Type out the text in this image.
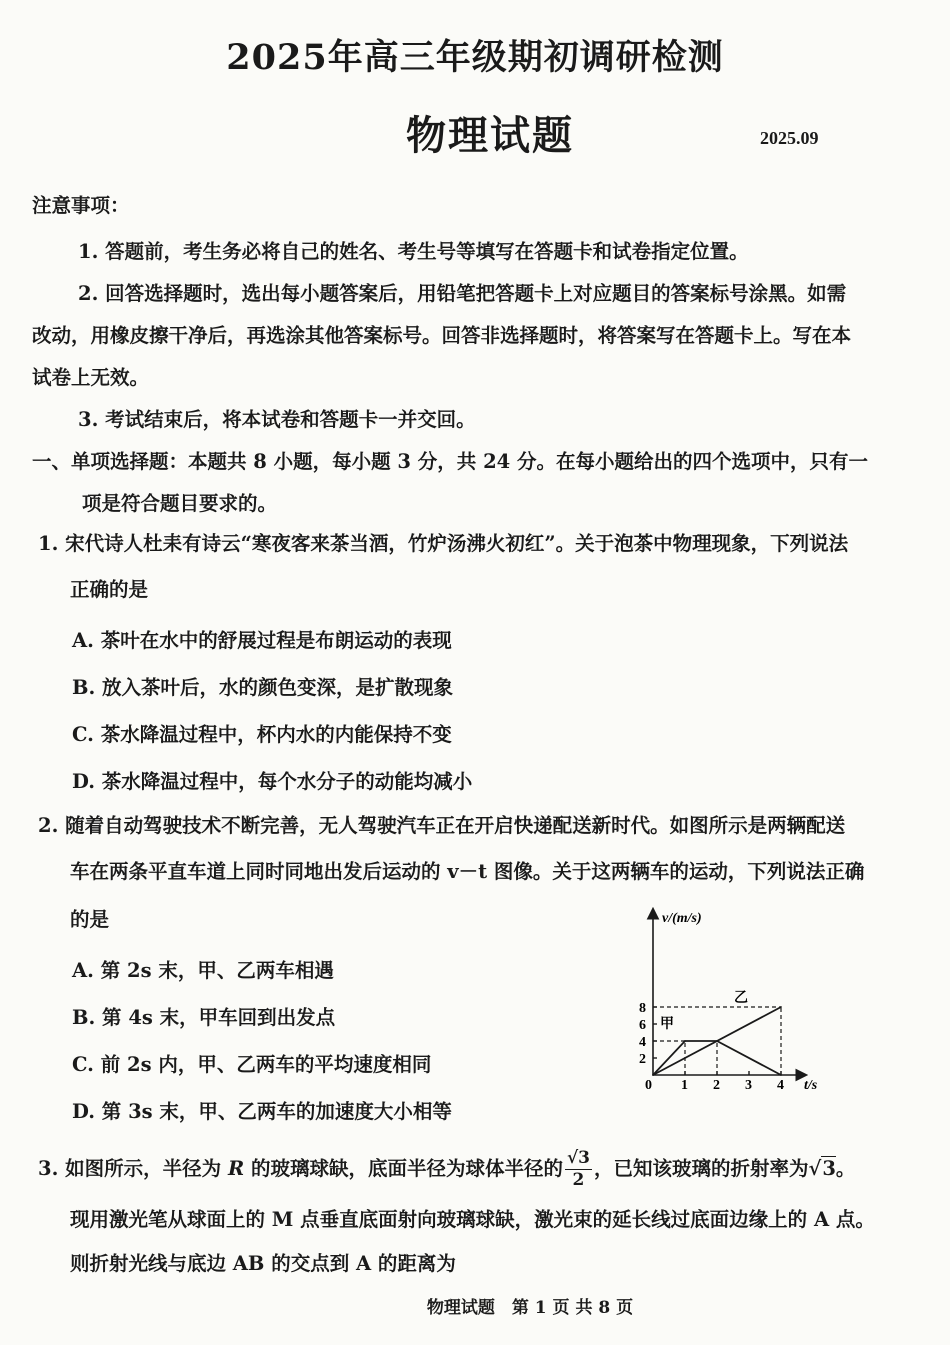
2025年高三年级期初调研检测
物理试题	2025.09
注意事项：
1. 答题前，考生务必将自己的姓名、考生号等填写在答题卡和试卷指定位置。
2. 回答选择题时，选出每小题答案后，用铅笔把答题卡上对应题目的答案标号涂黑。如需
改动，用橡皮擦干净后，再选涂其他答案标号。回答非选择题时，将答案写在答题卡上。写在本
试卷上无效。
3. 考试结束后，将本试卷和答题卡一并交回。
一、单项选择题：本题共 8 小题，每小题 3 分，共 24 分。在每小题给出的四个选项中，只有一
项是符合题目要求的。
1. 宋代诗人杜耒有诗云“寒夜客来茶当酒，竹炉汤沸火初红”。关于泡茶中物理现象，下列说法
正确的是
A. 茶叶在水中的舒展过程是布朗运动的表现
B. 放入茶叶后，水的颜色变深，是扩散现象
C. 茶水降温过程中，杯内水的内能保持不变
D. 茶水降温过程中，每个水分子的动能均减小
2. 随着自动驾驶技术不断完善，无人驾驶汽车正在开启快递配送新时代。如图所示是两辆配送
车在两条平直车道上同时同地出发后运动的 v－t 图像。关于这两辆车的运动，下列说法正确
的是
A. 第 2s 末，甲、乙两车相遇
B. 第 4s 末，甲车回到出发点
C. 前 2s 内，甲、乙两车的平均速度相同
D. 第 3s 末，甲、乙两车的加速度大小相等
1 2 3 4
2
4
6
8
v/(m/s)
t/s
0
甲
乙
3. 如图所示，半径为 R 的玻璃球缺，底面半径为球体半径的 $\frac{√3}{2}$ ，已知该玻璃的折射率为√3。
现用激光笔从球面上的 M 点垂直底面射向玻璃球缺，激光束的延长线过底面边缘上的 A 点。
则折射光线与底边 AB 的交点到 A 的距离为
物理试题　第 1 页 共 8 页
